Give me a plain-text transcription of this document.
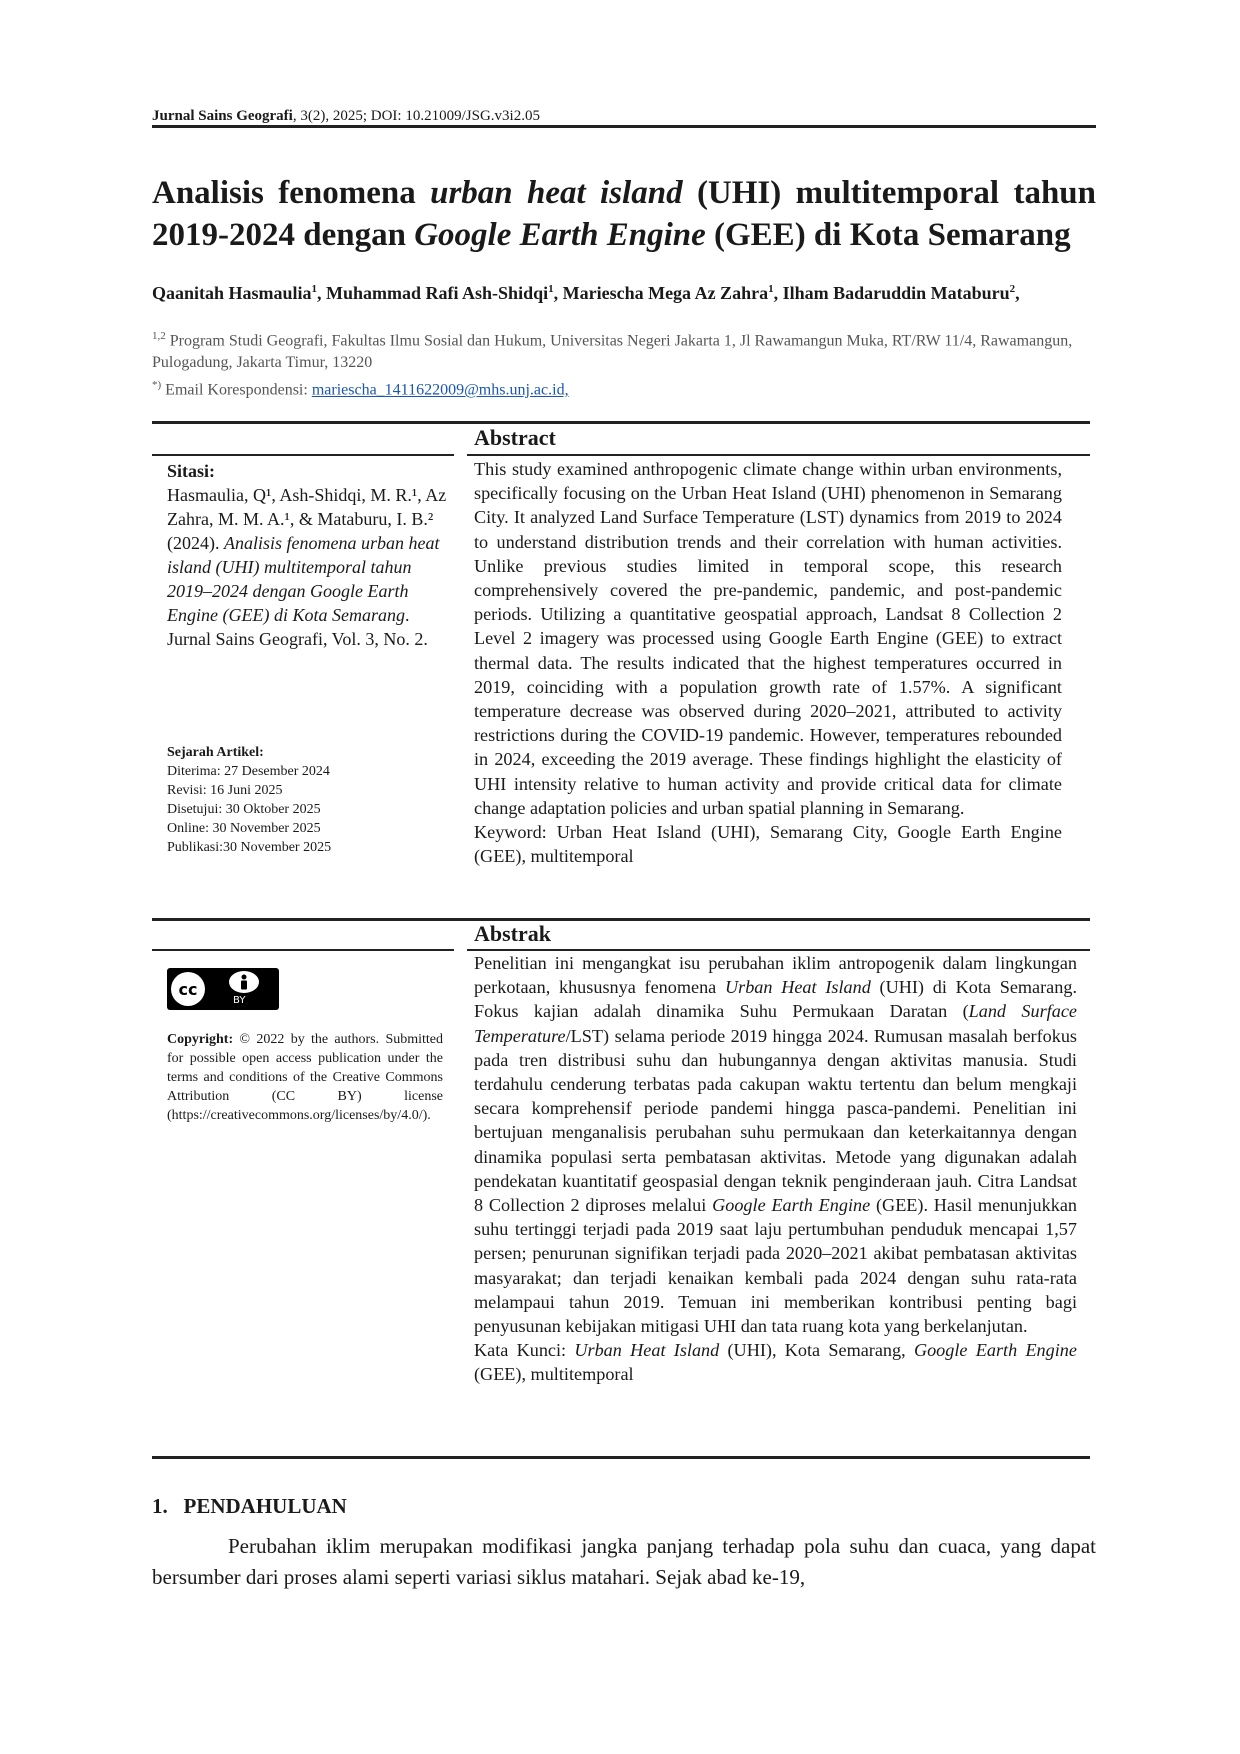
Jurnal Sains Geografi, 3(2), 2025; DOI: 10.21009/JSG.v3i2.05
Analisis fenomena urban heat island (UHI) multitemporal tahun
2019-2024 dengan Google Earth Engine (GEE) di Kota Semarang
Qaanitah Hasmaulia$^1$, Muhammad Rafi Ash-Shidqi$^1$, Mariescha Mega Az Zahra$^1$, Ilham Badaruddin Mataburu$^2$,
$^{1,2}$ Program Studi Geografi, Fakultas Ilmu Sosial dan Hukum, Universitas Negeri Jakarta 1, Jl Rawamangun Muka, RT/RW 11/4, Rawamangun, Pulogadung, Jakarta Timur, 13220
*) Email Korespondensi: mariescha_1411622009@mhs.unj.ac.id,
Abstract
This study examined anthropogenic climate change within urban environments, specifically focusing on the Urban Heat Island (UHI) phenomenon in Semarang City. It analyzed Land Surface Temperature (LST) dynamics from 2019 to 2024 to understand distribution trends and their correlation with human activities. Unlike previous studies limited in temporal scope, this research comprehensively covered the pre-pandemic, pandemic, and post-pandemic periods. Utilizing a quantitative geospatial approach, Landsat 8 Collection 2 Level 2 imagery was processed using Google Earth Engine (GEE) to extract thermal data. The results indicated that the highest temperatures occurred in 2019, coinciding with a population growth rate of 1.57%. A significant temperature decrease was observed during 2020–2021, attributed to activity restrictions during the COVID-19 pandemic. However, temperatures rebounded in 2024, exceeding the 2019 average. These findings highlight the elasticity of UHI intensity relative to human activity and provide critical data for climate change adaptation policies and urban spatial planning in Semarang.
Keyword: Urban Heat Island (UHI), Semarang City, Google Earth Engine (GEE), multitemporal
Sitasi:
Hasmaulia, Q¹, Ash-Shidqi, M. R.¹, Az Zahra, M. M. A.¹, & Mataburu, I. B.² (2024). Analisis fenomena urban heat island (UHI) multitemporal tahun 2019–2024 dengan Google Earth Engine (GEE) di Kota Semarang. Jurnal Sains Geografi, Vol. 3, No. 2.
Sejarah Artikel:
Diterima: 27 Desember 2024
Revisi: 16 Juni 2025
Disetujui: 30 Oktober 2025
Online: 30 November 2025
Publikasi:30 November 2025
Abstrak
cc
BY
Copyright: © 2022 by the authors. Submitted for possible open access publication under the terms and conditions of the Creative Commons Attribution (CC BY) license (https://creativecommons.org/licenses/by/4.0/).
Penelitian ini mengangkat isu perubahan iklim antropogenik dalam lingkungan perkotaan, khususnya fenomena Urban Heat Island (UHI) di Kota Semarang. Fokus kajian adalah dinamika Suhu Permukaan Daratan (Land Surface Temperature/LST) selama periode 2019 hingga 2024. Rumusan masalah berfokus pada tren distribusi suhu dan hubungannya dengan aktivitas manusia. Studi terdahulu cenderung terbatas pada cakupan waktu tertentu dan belum mengkaji secara komprehensif periode pandemi hingga pasca-pandemi. Penelitian ini bertujuan menganalisis perubahan suhu permukaan dan keterkaitannya dengan dinamika populasi serta pembatasan aktivitas. Metode yang digunakan adalah pendekatan kuantitatif geospasial dengan teknik penginderaan jauh. Citra Landsat 8 Collection 2 diproses melalui Google Earth Engine (GEE). Hasil menunjukkan suhu tertinggi terjadi pada 2019 saat laju pertumbuhan penduduk mencapai 1,57 persen; penurunan signifikan terjadi pada 2020–2021 akibat pembatasan aktivitas masyarakat; dan terjadi kenaikan kembali pada 2024 dengan suhu rata-rata melampaui tahun 2019. Temuan ini memberikan kontribusi penting bagi penyusunan kebijakan mitigasi UHI dan tata ruang kota yang berkelanjutan.
Kata Kunci: Urban Heat Island (UHI), Kota Semarang, Google Earth Engine (GEE), multitemporal
1.   PENDAHULUAN
Perubahan iklim merupakan modifikasi jangka panjang terhadap pola suhu dan cuaca, yang dapat bersumber dari proses alami seperti variasi siklus matahari. Sejak abad ke-19,
